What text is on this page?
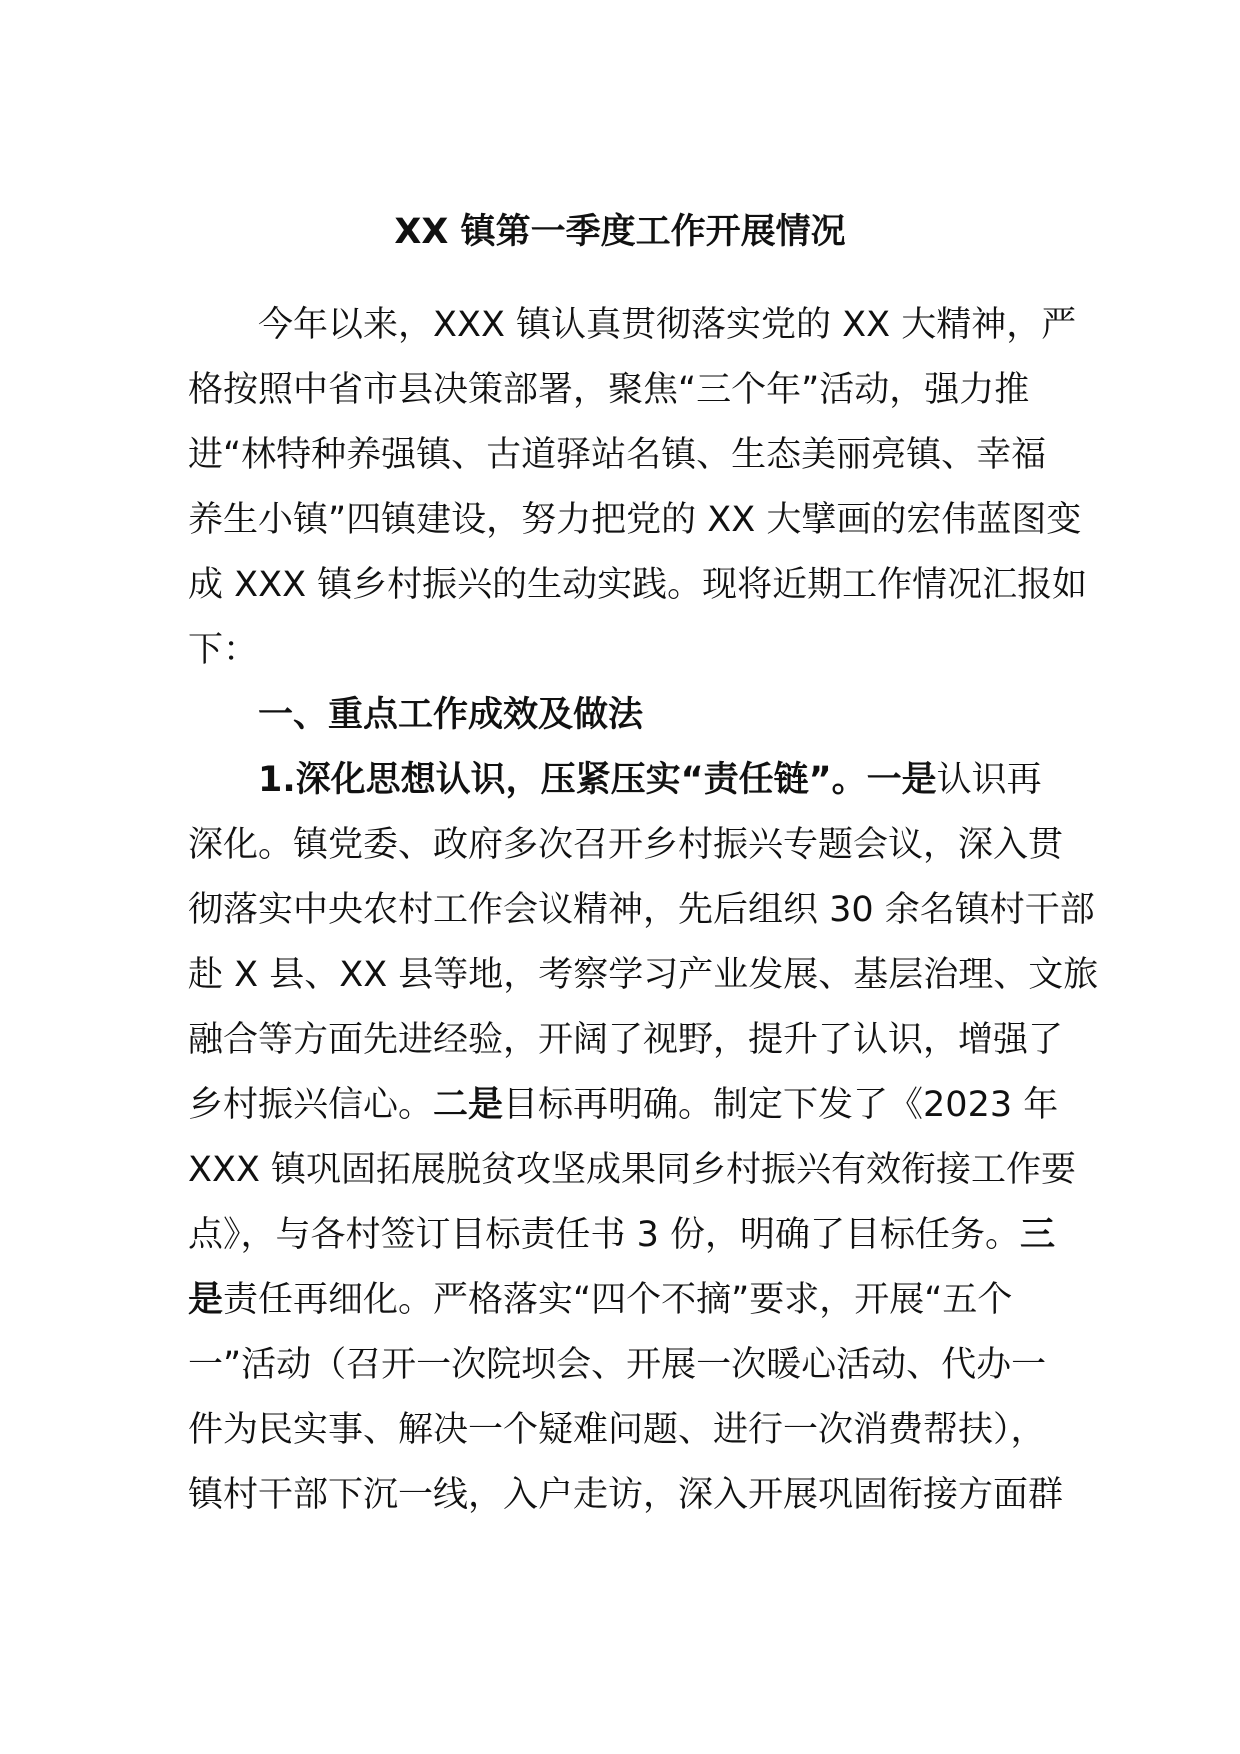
XX 镇第一季度工作开展情况
今年以来，XXX 镇认真贯彻落实党的 XX 大精神，严
格按照中省市县决策部署，聚焦“三个年”活动，强力推
进“林特种养强镇、古道驿站名镇、生态美丽亮镇、幸福
养生小镇”四镇建设，努力把党的 XX 大擘画的宏伟蓝图变
成 XXX 镇乡村振兴的生动实践。现将近期工作情况汇报如
下：
一、重点工作成效及做法
1.深化思想认识，压紧压实“责任链”。一是认识再
深化。镇党委、政府多次召开乡村振兴专题会议，深入贯
彻落实中央农村工作会议精神，先后组织 30 余名镇村干部
赴 X 县、XX 县等地，考察学习产业发展、基层治理、文旅
融合等方面先进经验，开阔了视野，提升了认识，增强了
乡村振兴信心。二是目标再明确。制定下发了《2023 年
XXX 镇巩固拓展脱贫攻坚成果同乡村振兴有效衔接工作要
点》，与各村签订目标责任书 3 份，明确了目标任务。三
是责任再细化。严格落实“四个不摘”要求，开展“五个
一”活动（召开一次院坝会、开展一次暖心活动、代办一
件为民实事、解决一个疑难问题、进行一次消费帮扶），
镇村干部下沉一线，入户走访，深入开展巩固衔接方面群
